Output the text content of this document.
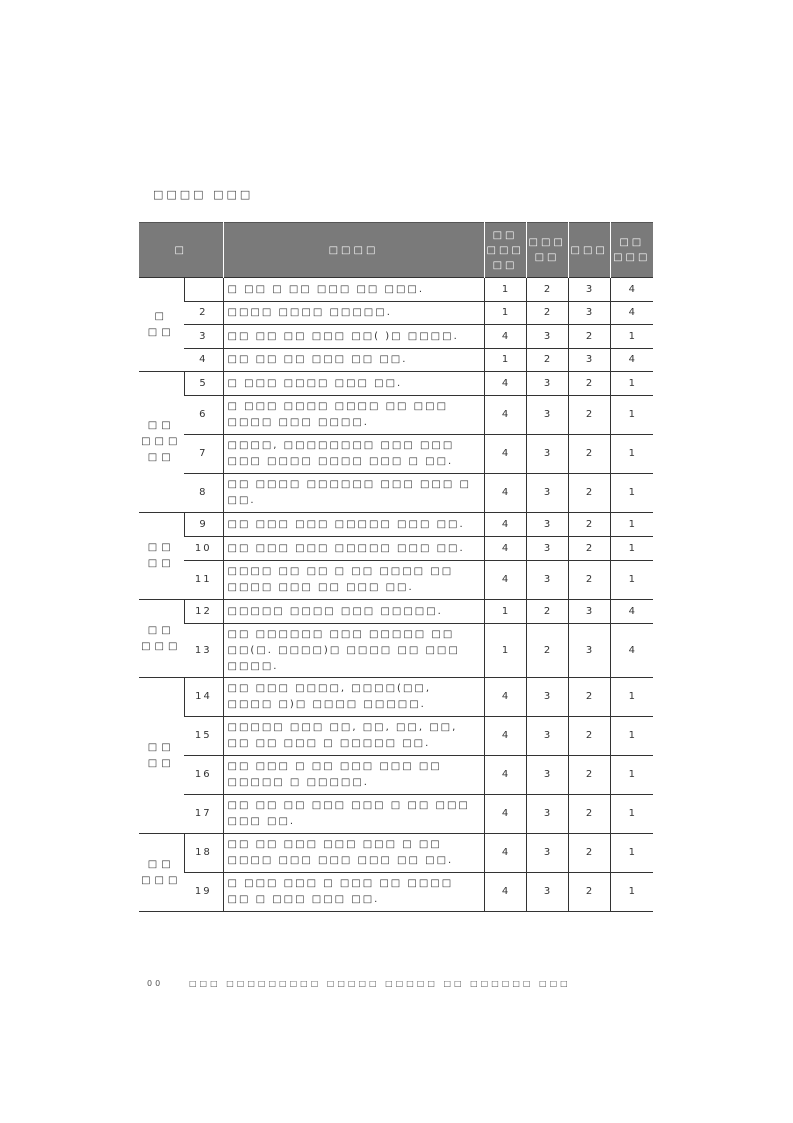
□□□□ □□□
□		□□□□	□□ □□□ □□	□□□ □□	□□□	□□ □□□
□ □□		□ □□ □ □□ □□□ □□ □□□.	1	2	3	4
	2	□□□□ □□□□ □□□□□.	1	2	3	4
	3	□□ □□ □□ □□□ □□( )□ □□□□.	4	3	2	1
	4	□□ □□ □□ □□□ □□ □□.	1	2	3	4
□□ □□□ □□	5	□ □□□ □□□□ □□□ □□.	4	3	2	1
	6	□ □□□ □□□□ □□□□ □□ □□□ □□□□ □□□ □□□□.	4	3	2	1
	7	□□□□, □□□□□□□□ □□□ □□□ □□□ □□□□ □□□□ □□□ □ □□.	4	3	2	1
	8	□□ □□□□ □□□□□□ □□□ □□□ □ □□.	4	3	2	1
□□ □□	9	□□ □□□ □□□ □□□□□ □□□ □□.	4	3	2	1
	10	□□ □□□ □□□ □□□□□ □□□ □□.	4	3	2	1
	11	□□□□ □□ □□ □ □□ □□□□ □□ □□□□ □□□ □□ □□□ □□.	4	3	2	1
□□ □□□	12	□□□□□ □□□□ □□□ □□□□□.	1	2	3	4
	13	□□ □□□□□□ □□□ □□□□□ □□ □□(□. □□□□)□ □□□□ □□ □□□ □□□□.	1	2	3	4
□□ □□	14	□□ □□□ □□□□, □□□□(□□, □□□□ □)□ □□□□ □□□□□.	4	3	2	1
	15	□□□□□ □□□ □□, □□, □□, □□, □□ □□ □□□ □ □□□□□ □□.	4	3	2	1
	16	□□ □□□ □ □□ □□□ □□□ □□ □□□□□ □ □□□□□.	4	3	2	1
	17	□□ □□ □□ □□□ □□□ □ □□ □□□ □□□ □□.	4	3	2	1
□□ □□□	18	□□ □□ □□□ □□□ □□□ □ □□ □□□□ □□□ □□□ □□□ □□ □□.	4	3	2	1
	19	□ □□□ □□□ □ □□□ □□ □□□□ □□ □ □□□ □□□ □□.	4	3	2	1
00	□□□ □□□□□□□□□ □□□□□ □□□□□ □□ □□□□□□ □□□
